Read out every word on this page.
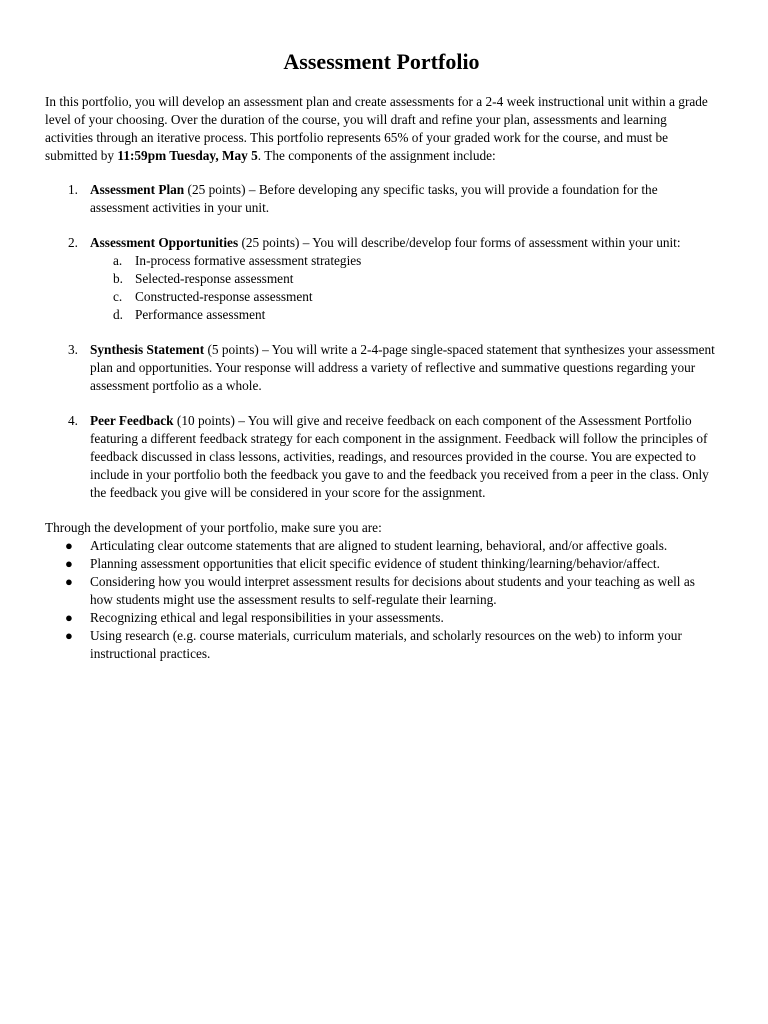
Assessment Portfolio

In this portfolio, you will develop an assessment plan and create assessments for a 2-4 week instructional unit within a grade level of your choosing. Over the duration of the course, you will draft and refine your plan, assessments and learning activities through an iterative process. This portfolio represents 65% of your graded work for the course, and must be submitted by 11:59pm Tuesday, May 5. The components of the assignment include:

1. Assessment Plan (25 points) – Before developing any specific tasks, you will provide a foundation for the assessment activities in your unit.
2. Assessment Opportunities (25 points) – You will describe/develop four forms of assessment within your unit:
a. In-process formative assessment strategies
b. Selected-response assessment
c. Constructed-response assessment
d. Performance assessment
3. Synthesis Statement (5 points) – You will write a 2-4-page single-spaced statement that synthesizes your assessment plan and opportunities. Your response will address a variety of reflective and summative questions regarding your assessment portfolio as a whole.
4. Peer Feedback (10 points) – You will give and receive feedback on each component of the Assessment Portfolio featuring a different feedback strategy for each component in the assignment. Feedback will follow the principles of feedback discussed in class lessons, activities, readings, and resources provided in the course. You are expected to include in your portfolio both the feedback you gave to and the feedback you received from a peer in the class. Only the feedback you give will be considered in your score for the assignment.

Through the development of your portfolio, make sure you are:

● Articulating clear outcome statements that are aligned to student learning, behavioral, and/or affective goals.
● Planning assessment opportunities that elicit specific evidence of student thinking/learning/behavior/affect.
● Considering how you would interpret assessment results for decisions about students and your teaching as well as how students might use the assessment results to self-regulate their learning.
● Recognizing ethical and legal responsibilities in your assessments.
● Using research (e.g. course materials, curriculum materials, and scholarly resources on the web) to inform your instructional practices.
